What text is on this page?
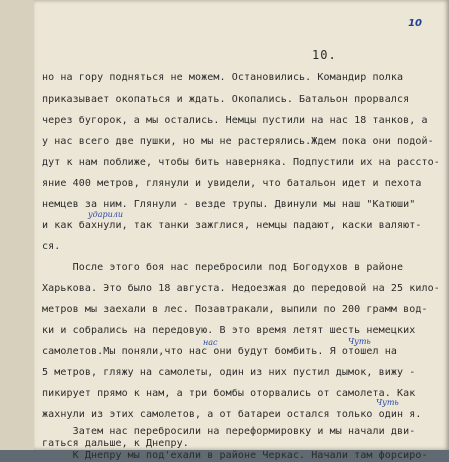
10
10.
но на гору подняться не можем. Остановились. Командир полка
приказывает окопаться и ждать. Окопались. Батальон прорвался
через бугорок, а мы остались. Немцы пустили на нас 18 танков, а
у нас всего две пушки, но мы не растерялись.Ждем пока они подой-
дут к нам поближе, чтобы бить наверняка. Подпустили их на рассто-
яние 400 метров, глянули и увидели, что батальон идет и пехота
немцев за ним. Глянули - везде трупы. Двинули мы наш "Катюши"
и как бахнули, так танки зажглися, немцы падают, каски валяют-
ся.
После этого боя нас перебросили под Богодухов в районе
Харькова. Это было 18 августа. Недоезжая до передовой на 25 кило-
метров мы заехали в лес. Позавтракали, выпили по 200 грамм вод-
ки и собрались на передовую. В это время летят шесть немецких
самолетов.Мы поняли,что нас они будут бомбить. Я отошел на
5 метров, гляжу на самолеты, один из них пустил дымок, вижу -
пикирует прямо к нам, а три бомбы оторвались от самолета. Как
жахнули из этих самолетов, а от батареи остался только один я.
Затем нас перебросили на переформировку и мы начали дви-
гаться дальше, к Днепру.
К Днепру мы под'ехали в районе Черкас. Начали там форсиро-
ударили
нас	Чуть
Чуть
